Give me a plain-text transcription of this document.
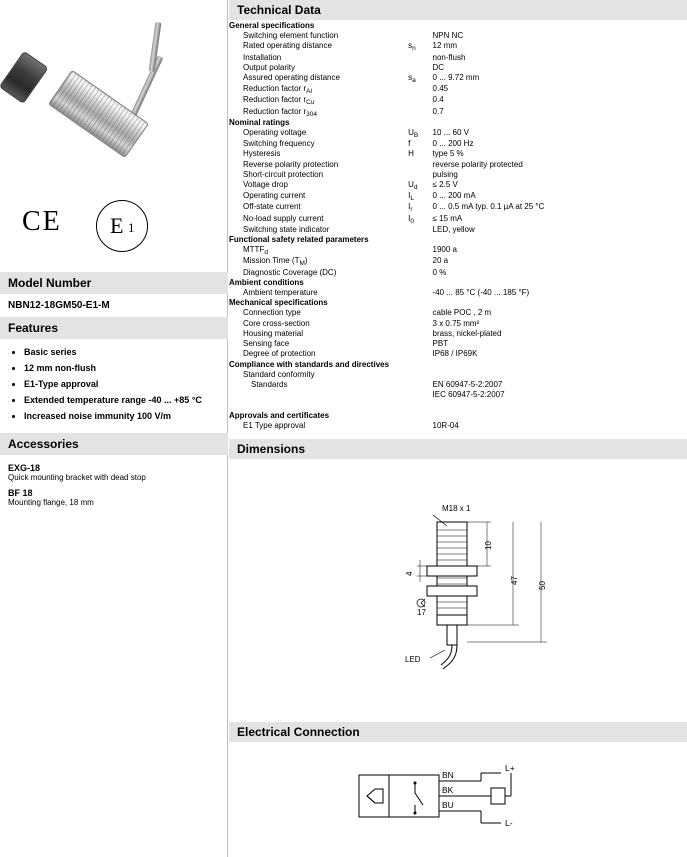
CE E 1
Model Number
NBN12-18GM50-E1-M
Features
• Basic series
• 12 mm non-flush
• E1-Type approval
• Extended temperature range -40 ... +85 °C
• Increased noise immunity 100 V/m
Accessories
EXG-18
Quick mounting bracket with dead stop
BF 18
Mounting flange, 18 mm
Technical Data
General specifications		
Switching element function		NPN NC
Rated operating distance	$s_n$	12 mm
Installation		non-flush
Output polarity		DC
Assured operating distance	$s_a$	0 ... 9.72 mm
Reduction factor $r_{Al}$		0.45
Reduction factor $r_{Cu}$		0.4
Reduction factor $r_{304}$		0.7
Nominal ratings		
Operating voltage	$U_B$	10 ... 60 V
Switching frequency	f	0 ... 200 Hz
Hysteresis	H	type 5 %
Reverse polarity protection		reverse polarity protected
Short-circuit protection		pulsing
Voltage drop	$U_d$	≤ 2.5 V
Operating current	$I_L$	0 ... 200 mA
Off-state current	$I_r$	0 ... 0.5 mA typ. 0.1 µA at 25 °C
No-load supply current	$I_0$	≤ 15 mA
Switching state indicator		LED, yellow
Functional safety related parameters		
$MTTF_d$		1900 a
Mission Time $(T_M)$		20 a
Diagnostic Coverage (DC)		0 %
Ambient conditions		
Ambient temperature		-40 ... 85 °C (-40 ... 185 °F)
Mechanical specifications		
Connection type		cable POC , 2 m
Core cross-section		3 x 0.75 mm²
Housing material		brass, nickel-plated
Sensing face		PBT
Degree of protection		IP68 / IP69K
Compliance with standards and directives		
Standard conformity		
Standards		EN 60947-5-2:2007
		IEC 60947-5-2:2007

Approvals and certificates		
E1 Type approval		10R-04
Dimensions
M18 x 1
LED
17
4
10
47
50
Electrical Connection
BN
BK
BU
L+
L-
